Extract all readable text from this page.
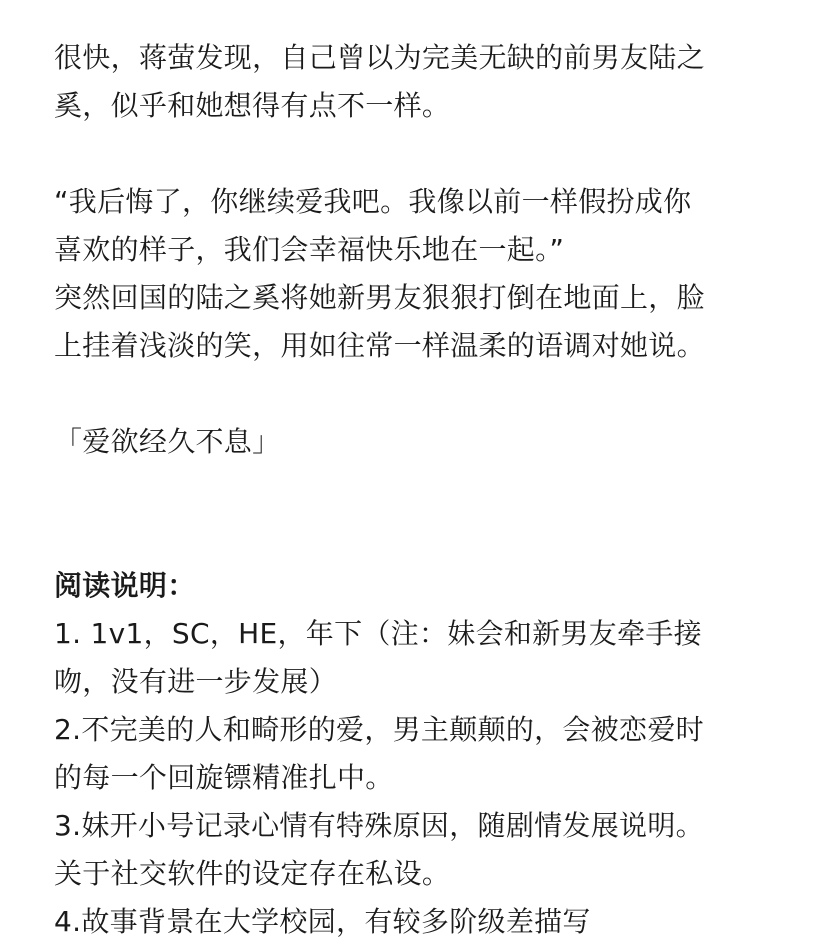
很快，蒋萤发现，自己曾以为完美无缺的前男友陆之
奚，似乎和她想得有点不一样。
“我后悔了，你继续爱我吧。我像以前一样假扮成你
喜欢的样子，我们会幸福快乐地在一起。”
突然回国的陆之奚将她新男友狠狠打倒在地面上，脸
上挂着浅淡的笑，用如往常一样温柔的语调对她说。
「爱欲经久不息」
阅读说明：
1. 1v1，SC，HE，年下（注：妹会和新男友牵手接
吻，没有进一步发展）
2.不完美的人和畸形的爱，男主颠颠的，会被恋爱时
的每一个回旋镖精准扎中。
3.妹开小号记录心情有特殊原因，随剧情发展说明。
关于社交软件的设定存在私设。
4.故事背景在大学校园，有较多阶级差描写
